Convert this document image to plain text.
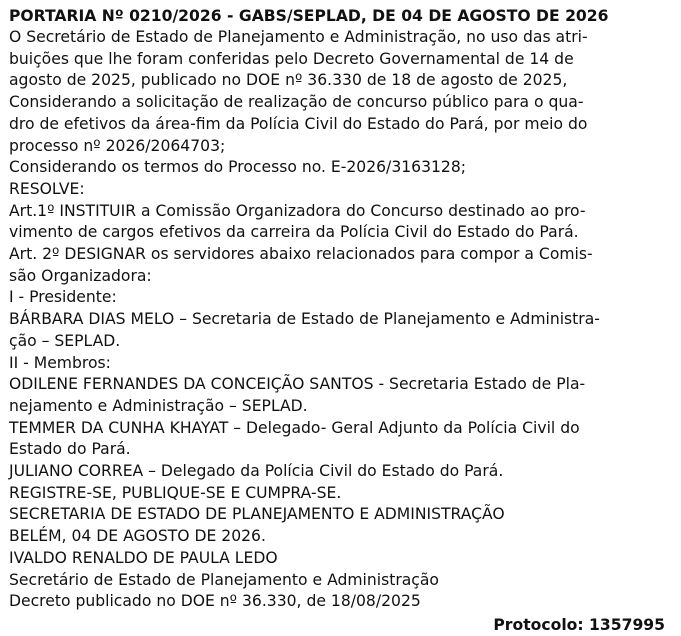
PORTARIA Nº 0210/2026 - GABS/SEPLAD, DE 04 DE AGOSTO DE 2026
O Secretário de Estado de Planejamento e Administração, no uso das atri-
buições que lhe foram conferidas pelo Decreto Governamental de 14 de
agosto de 2025, publicado no DOE nº 36.330 de 18 de agosto de 2025,
Considerando a solicitação de realização de concurso público para o qua-
dro de efetivos da área-fim da Polícia Civil do Estado do Pará, por meio do
processo nº 2026/2064703;
Considerando os termos do Processo no. E-2026/3163128;
RESOLVE:
Art.1º INSTITUIR a Comissão Organizadora do Concurso destinado ao pro-
vimento de cargos efetivos da carreira da Polícia Civil do Estado do Pará.
Art. 2º DESIGNAR os servidores abaixo relacionados para compor a Comis-
são Organizadora:
I - Presidente:
BÁRBARA DIAS MELO – Secretaria de Estado de Planejamento e Administra-
ção – SEPLAD.
II - Membros:
ODILENE FERNANDES DA CONCEIÇÃO SANTOS - Secretaria Estado de Pla-
nejamento e Administração – SEPLAD.
TEMMER DA CUNHA KHAYAT – Delegado- Geral Adjunto da Polícia Civil do
Estado do Pará.
JULIANO CORREA – Delegado da Polícia Civil do Estado do Pará.
REGISTRE-SE, PUBLIQUE-SE E CUMPRA-SE.
SECRETARIA DE ESTADO DE PLANEJAMENTO E ADMINISTRAÇÃO
BELÉM, 04 DE AGOSTO DE 2026.
IVALDO RENALDO DE PAULA LEDO
Secretário de Estado de Planejamento e Administração
Decreto publicado no DOE nº 36.330, de 18/08/2025
Protocolo: 1357995
